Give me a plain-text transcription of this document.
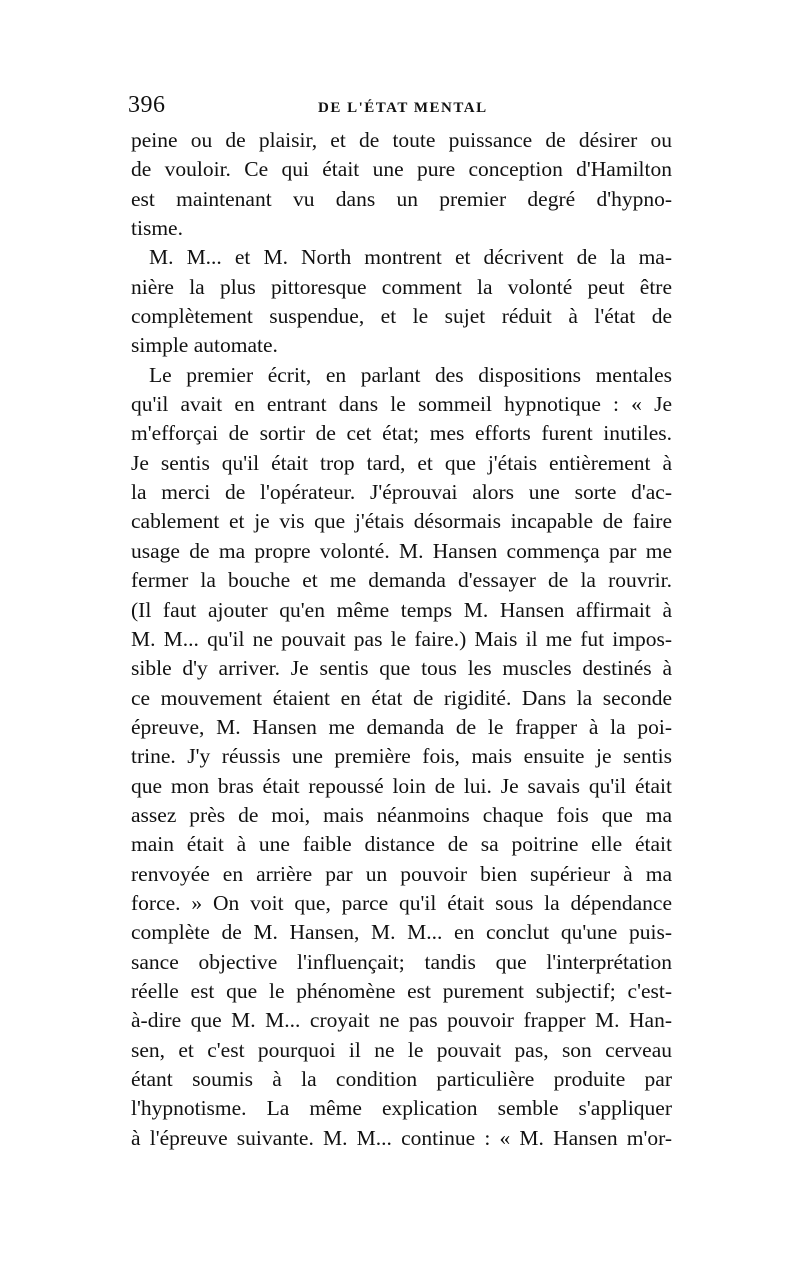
396	DE L'ÉTAT MENTAL
peine ou de plaisir, et de toute puissance de désirer ou
de vouloir. Ce qui était une pure conception d'Hamilton
est maintenant vu dans un premier degré d'hypno-
tisme.
M. M... et M. North montrent et décrivent de la ma-
nière la plus pittoresque comment la volonté peut être
complètement suspendue, et le sujet réduit à l'état de
simple automate.
Le premier écrit, en parlant des dispositions mentales
qu'il avait en entrant dans le sommeil hypnotique : « Je
m'efforçai de sortir de cet état; mes efforts furent inutiles.
Je sentis qu'il était trop tard, et que j'étais entièrement à
la merci de l'opérateur. J'éprouvai alors une sorte d'ac-
cablement et je vis que j'étais désormais incapable de faire
usage de ma propre volonté. M. Hansen commença par me
fermer la bouche et me demanda d'essayer de la rouvrir.
(Il faut ajouter qu'en même temps M. Hansen affirmait à
M. M... qu'il ne pouvait pas le faire.) Mais il me fut impos-
sible d'y arriver. Je sentis que tous les muscles destinés à
ce mouvement étaient en état de rigidité. Dans la seconde
épreuve, M. Hansen me demanda de le frapper à la poi-
trine. J'y réussis une première fois, mais ensuite je sentis
que mon bras était repoussé loin de lui. Je savais qu'il était
assez près de moi, mais néanmoins chaque fois que ma
main était à une faible distance de sa poitrine elle était
renvoyée en arrière par un pouvoir bien supérieur à ma
force. » On voit que, parce qu'il était sous la dépendance
complète de M. Hansen, M. M... en conclut qu'une puis-
sance objective l'influençait; tandis que l'interprétation
réelle est que le phénomène est purement subjectif; c'est-
à-dire que M. M... croyait ne pas pouvoir frapper M. Han-
sen, et c'est pourquoi il ne le pouvait pas, son cerveau
étant soumis à la condition particulière produite par
l'hypnotisme. La même explication semble s'appliquer
à l'épreuve suivante. M. M... continue : « M. Hansen m'or-
